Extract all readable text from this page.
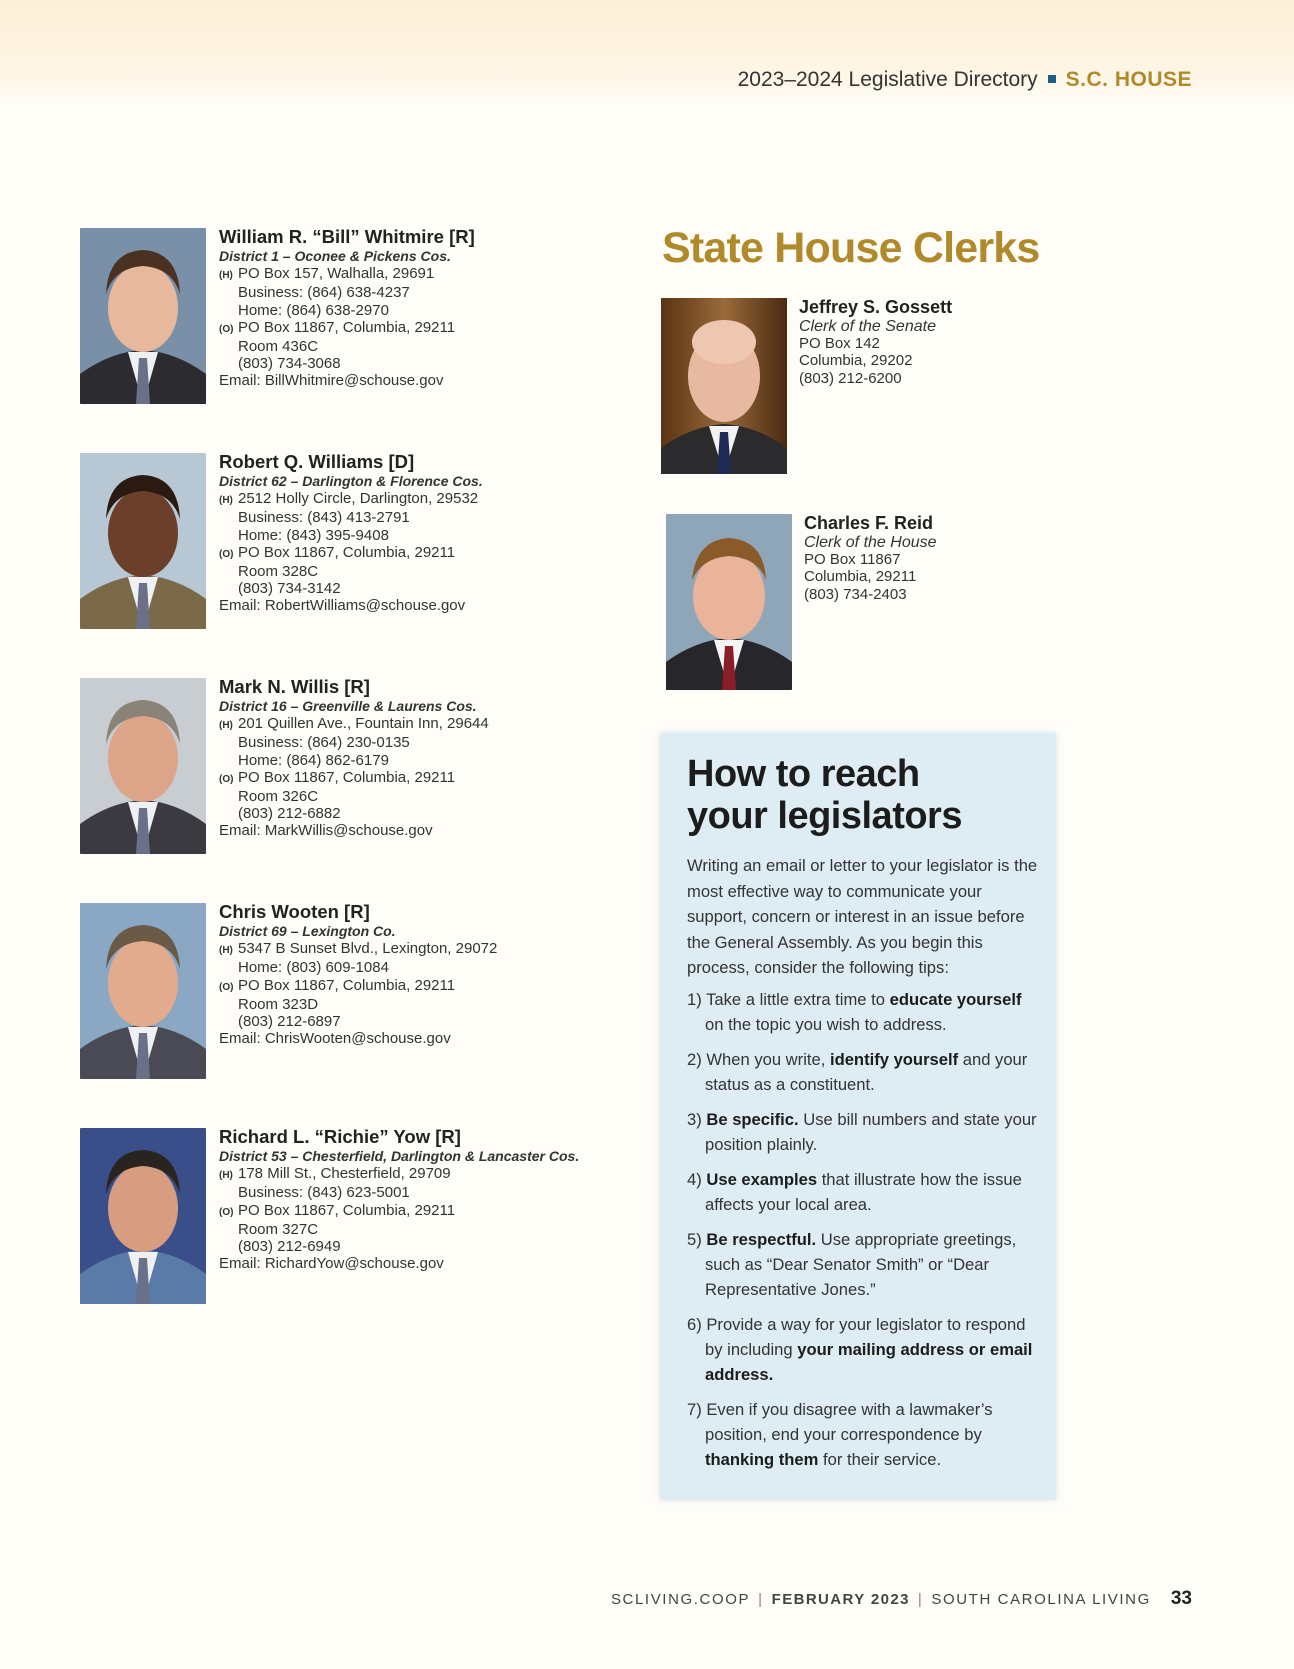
2023–2024 Legislative Directory S.C. HOUSE
William R. “Bill” Whitmire [R]
District 1 – Oconee & Pickens Cos.
(H) PO Box 157, Walhalla, 29691
Business: (864) 638-4237
Home: (864) 638-2970
(O) PO Box 11867, Columbia, 29211
Room 436C
(803) 734-3068
Email: BillWhitmire@schouse.gov
Robert Q. Williams [D]
District 62 – Darlington & Florence Cos.
(H) 2512 Holly Circle, Darlington, 29532
Business: (843) 413-2791
Home: (843) 395-9408
(O) PO Box 11867, Columbia, 29211
Room 328C
(803) 734-3142
Email: RobertWilliams@schouse.gov
Mark N. Willis [R]
District 16 – Greenville & Laurens Cos.
(H) 201 Quillen Ave., Fountain Inn, 29644
Business: (864) 230-0135
Home: (864) 862-6179
(O) PO Box 11867, Columbia, 29211
Room 326C
(803) 212-6882
Email: MarkWillis@schouse.gov
Chris Wooten [R]
District 69 – Lexington Co.
(H) 5347 B Sunset Blvd., Lexington, 29072
Home: (803) 609-1084
(O) PO Box 11867, Columbia, 29211
Room 323D
(803) 212-6897
Email: ChrisWooten@schouse.gov
Richard L. “Richie” Yow [R]
District 53 – Chesterfield, Darlington & Lancaster Cos.
(H) 178 Mill St., Chesterfield, 29709
Business: (843) 623-5001
(O) PO Box 11867, Columbia, 29211
Room 327C
(803) 212-6949
Email: RichardYow@schouse.gov
State House Clerks
Jeffrey S. Gossett
Clerk of the Senate
PO Box 142
Columbia, 29202
(803) 212-6200
Charles F. Reid
Clerk of the House
PO Box 11867
Columbia, 29211
(803) 734-2403
How to reach
your legislators
Writing an email or letter to your legislator is the most effective way to communicate your support, concern or interest in an issue before the General Assembly. As you begin this process, consider the following tips:
1) Take a little extra time to educate yourself on the topic you wish to address.
2) When you write, identify yourself and your status as a constituent.
3) Be specific. Use bill numbers and state your position plainly.
4) Use examples that illustrate how the issue affects your local area.
5) Be respectful. Use appropriate greetings, such as “Dear Senator Smith” or “Dear Representative Jones.”
6) Provide a way for your legislator to respond by including your mailing address or email address.
7) Even if you disagree with a lawmaker’s position, end your correspondence by thanking them for their service.
SCLIVING.COOP | FEBRUARY 2023 | SOUTH CAROLINA LIVING 33
